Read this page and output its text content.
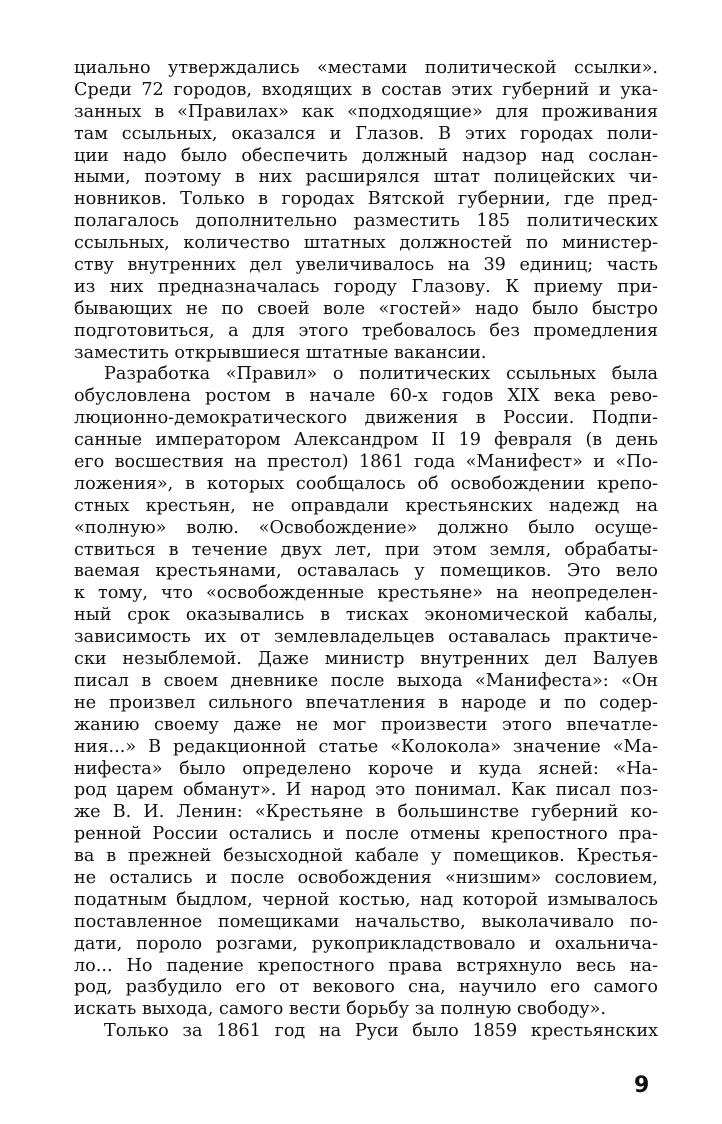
циально утверждались «местами политической ссылки».
Среди 72 городов, входящих в состав этих губерний и ука-
занных в «Правилах» как «подходящие» для проживания
там ссыльных, оказался и Глазов. В этих городах поли-
ции надо было обеспечить должный надзор над сослан-
ными, поэтому в них расширялся штат полицейских чи-
новников. Только в городах Вятской губернии, где пред-
полагалось дополнительно разместить 185 политических
ссыльных, количество штатных должностей по министер-
ству внутренних дел увеличивалось на 39 единиц; часть
из них предназначалась городу Глазову. К приему при-
бывающих не по своей воле «гостей» надо было быстро
подготовиться, а для этого требовалось без промедления
заместить открывшиеся штатные вакансии.
Разработка «Правил» о политических ссыльных была
обусловлена ростом в начале 60-х годов XIX века рево-
люционно-демократического движения в России. Подпи-
санные императором Александром II 19 февраля (в день
его восшествия на престол) 1861 года «Манифест» и «По-
ложения», в которых сообщалось об освобождении крепо-
стных крестьян, не оправдали крестьянских надежд на
«полную» волю. «Освобождение» должно было осуще-
ствиться в течение двух лет, при этом земля, обрабаты-
ваемая крестьянами, оставалась у помещиков. Это вело
к тому, что «освобожденные крестьяне» на неопределен-
ный срок оказывались в тисках экономической кабалы,
зависимость их от землевладельцев оставалась практиче-
ски незыблемой. Даже министр внутренних дел Валуев
писал в своем дневнике после выхода «Манифеста»: «Он
не произвел сильного впечатления в народе и по содер-
жанию своему даже не мог произвести этого впечатле-
ния...» В редакционной статье «Колокола» значение «Ма-
нифеста» было определено короче и куда ясней: «На-
род царем обманут». И народ это понимал. Как писал поз-
же В. И. Ленин: «Крестьяне в большинстве губерний ко-
ренной России остались и после отмены крепостного пра-
ва в прежней безысходной кабале у помещиков. Крестья-
не остались и после освобождения «низшим» сословием,
податным быдлом, черной костью, над которой измывалось
поставленное помещиками начальство, выколачивало по-
дати, пороло розгами, рукоприкладствовало и охальнича-
ло... Но падение крепостного права встряхнуло весь на-
род, разбудило его от векового сна, научило его самого
искать выхода, самого вести борьбу за полную свободу».
Только за 1861 год на Руси было 1859 крестьянских
9
